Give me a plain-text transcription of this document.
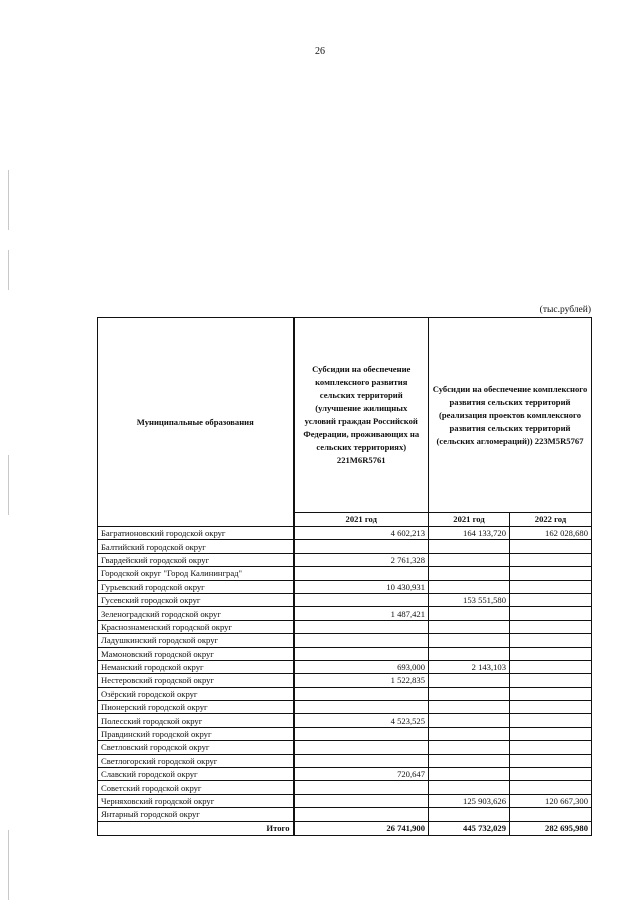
26
(тыс.рублей)
Муниципальные образования	Субсидии на обеспечение комплексного развития сельских территорий (улучшение жилищных условий граждан Российской Федерации, проживающих на сельских территориях) 221M6R5761	Субсидии на обеспечение комплексного развития сельских территорий (реализация проектов комплексного развития сельских территорий (сельских агломераций)) 223M5R5767	
	2021 год	2021 год	2022 год
Багратионовский городской округ	4 602,213	164 133,720	162 028,680
Балтийский городской округ			
Гвардейский городской округ	2 761,328		
Городской округ "Город Калининград"			
Гурьевский городской округ	10 430,931		
Гусевский городской округ		153 551,580	
Зеленоградский городской округ	1 487,421		
Краснознаменский городской округ			
Ладушкинский городской округ			
Мамоновский городской округ			
Неманский городской округ	693,000	2 143,103	
Нестеровский городской округ	1 522,835		
Озёрский городской округ			
Пионерский городской округ			
Полесский городской округ	4 523,525		
Правдинский городской округ			
Светловский городской округ			
Светлогорский городской округ			
Славский городской округ	720,647		
Советский городской округ			
Черняховский городской округ		125 903,626	120 667,300
Янтарный городской округ			
Итого	26 741,900	445 732,029	282 695,980
